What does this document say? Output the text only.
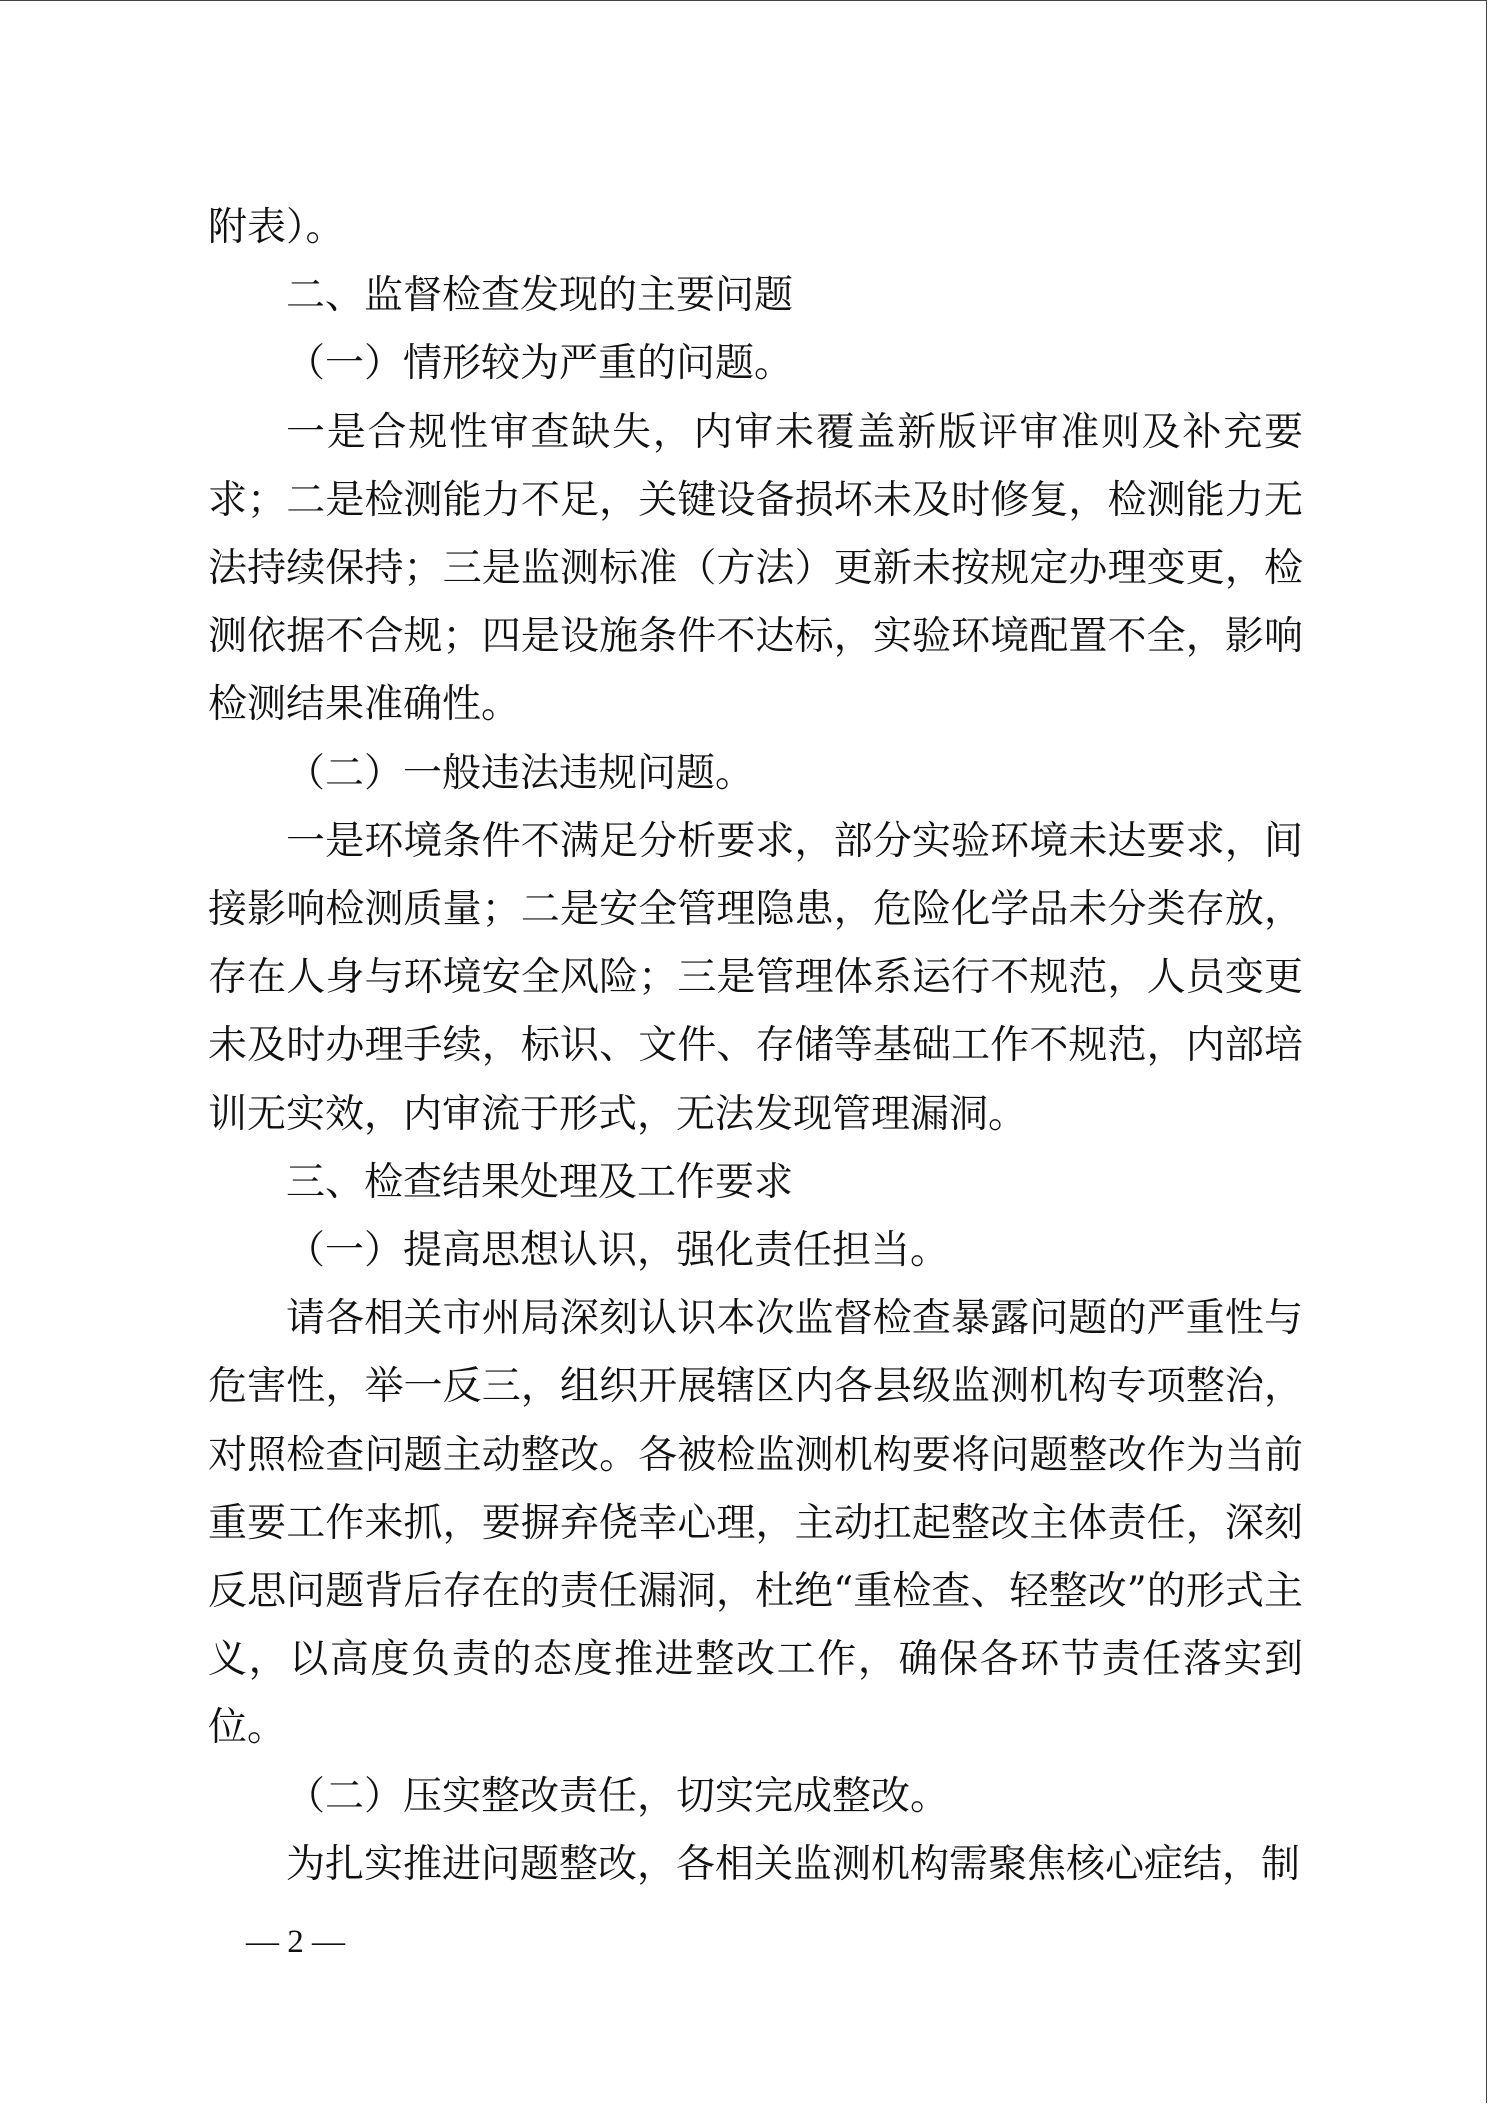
附表）。

二、监督检查发现的主要问题

（一）情形较为严重的问题。

一是合规性审查缺失，内审未覆盖新版评审准则及补充要求；二是检测能力不足，关键设备损坏未及时修复，检测能力无法持续保持；三是监测标准（方法）更新未按规定办理变更，检测依据不合规；四是设施条件不达标，实验环境配置不全，影响检测结果准确性。

（二）一般违法违规问题。

一是环境条件不满足分析要求，部分实验环境未达要求，间接影响检测质量；二是安全管理隐患，危险化学品未分类存放，存在人身与环境安全风险；三是管理体系运行不规范，人员变更未及时办理手续，标识、文件、存储等基础工作不规范，内部培训无实效，内审流于形式，无法发现管理漏洞。

三、检查结果处理及工作要求

（一）提高思想认识，强化责任担当。

请各相关市州局深刻认识本次监督检查暴露问题的严重性与危害性，举一反三，组织开展辖区内各县级监测机构专项整治，对照检查问题主动整改。各被检监测机构要将问题整改作为当前重要工作来抓，要摒弃侥幸心理，主动扛起整改主体责任，深刻反思问题背后存在的责任漏洞，杜绝“重检查、轻整改”的形式主义，以高度负责的态度推进整改工作，确保各环节责任落实到位。

（二）压实整改责任，切实完成整改。

为扎实推进问题整改，各相关监测机构需聚焦核心症结，制

— 2 —
